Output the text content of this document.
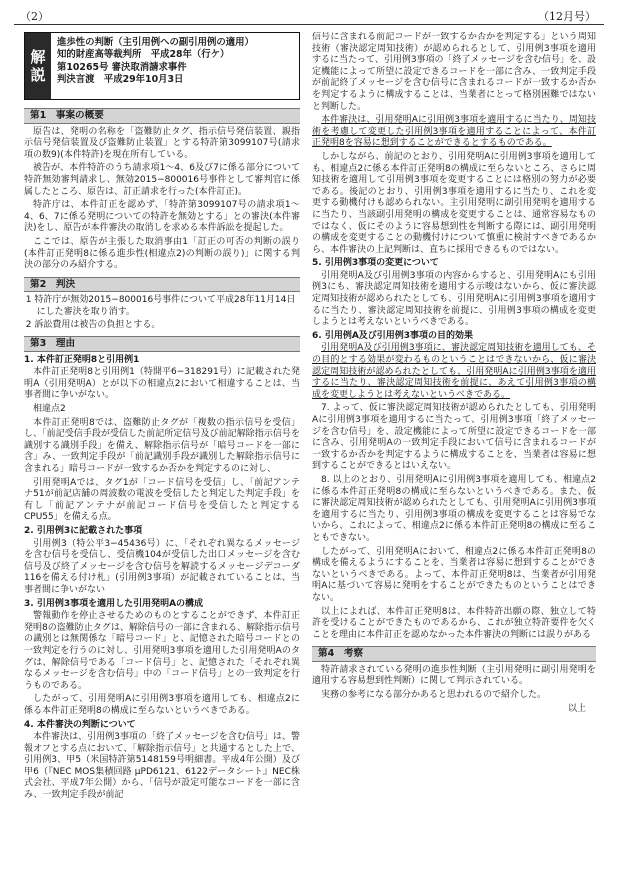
（2）	（12月号）
解
説
進歩性の判断（主引用例への副引用例の適用）
知的財産高等裁判所　平成28年（行ケ）
第10265号 審決取消請求事件
判決言渡　平成29年10月3日
第1　事案の概要

原告は、発明の名称を「盗難防止タグ、指示信号発信装置、親指示信号発信装置及び盗難防止装置」とする特許第3099107号(請求項の数9)(本件特許)を現在所有している。

被告が、本件特許のうち請求項1〜4、6及び7に係る部分について特許無効審判請求し、無効2015−800016号事件として審判官に係属したところ、原告は、訂正請求を行った(本件訂正)。

特許庁は、本件訂正を認めず、「特許第3099107号の請求項1〜4、6、7に係る発明についての特許を無効とする」との審決(本件審決)をし、原告が本件審決の取消しを求める本件訴訟を提起した。

ここでは、原告が主張した取消事由1「訂正の可否の判断の誤り(本件訂正発明8に係る進歩性(相違点2)の判断の誤り)」に関する判決の部分のみ紹介する。

第2　判決
1 特許庁が無効2015−800016号事件について平成28年11月14日にした審決を取り消す。
2 訴訟費用は被告の負担とする。
第3　理由
1. 本件訂正発明8と引用例1

本件訂正発明8と引用例1（特開平6−318291号）に記載された発明A（引用発明A）とが以下の相違点2において相違することは、当事者間に争いがない。

相違点2

本件訂正発明8では、盗難防止タグが「複数の指示信号を受信」し、「前記受信手段が受信した前記所定信号及び前記解除指示信号を識別する識別手段」を備え、解除指示信号が「暗号コードを一部に含」み、一致判定手段が「前記識別手段が識別した解除指示信号に含まれる」暗号コードが一致するか否かを判定するのに対し、

引用発明Aでは、タグ1が「コード信号を受信」し、「前記アンテナ51が前記店舗の周波数の電波を受信したと判定した判定手段」を有し「前記アンテナが前記コード信号を受信したと判定するCPU55」を備える点。

2. 引用例3に記載された事項

引用例3（特公平3−45436号）に、「それぞれ異なるメッセージを含む信号を受信し、受信機104が受信した出口メッセージを含む信号及び終了メッセージを含む信号を解読するメッセージデコーダ116を備える付け札」(引用例3事項）が記載されていることは、当事者間に争いがない

3. 引用例3事項を適用した引用発明Aの構成

警報動作を停止させるためのものとすることができず、本件訂正発明8の盗難防止タグは、解除信号の一部に含まれる、解除指示信号の識別とは無関係な「暗号コード」と、記憶された暗号コードとの一致判定を行うのに対し、引用発明3事項を適用した引用発明Aのタグは、解除信号である「コード信号」と、記憶された「それぞれ異なるメッセージを含む信号」中の「コード信号」との一致判定を行うものである。

したがって、引用発明Aに引用例3事項を適用しても、相違点2に係る本件訂正発明8の構成に至らないというべきである。

4. 本件審決の判断について

本件審決は、引用例3事項の「終了メッセージを含む信号」は、警報オフとする点において、「解除指示信号」と共通するとした上で、引用例3、甲5（米国特許第5148159号明細書。平成4年公開）及び甲6（『NEC MOS集積回路 μPD6121、6122データシート』NEC株式会社、平成7年公開）から、「信号が設定可能なコードを一部に含み、一致判定手段が前記

信号に含まれる前記コードが一致するか否かを判定する」という周知技術（審決認定周知技術）が認められるとして、引用例3事項を適用するに当たって、引用例3事項の「終了メッセージを含む信号」を、設定機能によって所望に設定できるコードを一部に含み、一致判定手段が前記終了メッセージを含む信号に含まれるコードが一致するか否かを判定するように構成することは、当業者にとって格別困難ではないと判断した。

本件審決は、引用発明Aに引用例3事項を適用するに当たり、周知技術を考慮して変更した引用例3事項を適用することによって、本件訂正発明8を容易に想到することができるとするものである。

しかしながら、前記のとおり、引用発明Aに引用例3事項を適用しても、相違点2に係る本件訂正発明8の構成に至らないところ、さらに周知技術を適用して引用例3事項を変更することには格別の努力が必要である。後記のとおり、引用例3事項を適用するに当たり、これを変更する動機付けも認められない。主引用発明に副引用発明を適用するに当たり、当該副引用発明の構成を変更することは、通常容易なものではなく、仮にそのように容易想到性を判断する際には、副引用発明の構成を変更することの動機付けについて慎重に検討すべきであるから、本件審決の上記判断は、直ちに採用できるものではない。

5. 引用例3事項の変更について

引用発明A及び引用例3事項の内容からすると、引用発明Aにも引用例3にも、審決認定周知技術を適用する示唆はないから、仮に審決認定周知技術が認められたとしても、引用発明Aに引用例3事項を適用するに当たり、審決認定周知技術を前提に、引用例3事項の構成を変更しようとは考えないというべきである。

6. 引用例A及び引用例3事項の目的効果

引用発明A及び引用例3事項に、審決認定周知技術を適用しても、その目的とする効果が変わるものということはできないから、仮に審決認定周知技術が認められたとしても、引用発明Aに引用例3事項を適用するに当たり、審決認定周知技術を前提に、あえて引用例3事項の構成を変更しようとは考えないというべきである。

7. よって、仮に審決認定周知技術が認められたとしても、引用発明Aに引用例3事項を適用するに当たって、引用例3事項「終了メッセージを含む信号」を、設定機能によって所望に設定できるコードを一部に含み、引用発明Aの一致判定手段において信号に含まれるコードが一致するか否かを判定するように構成することを、当業者は容易に想到することができるとはいえない。

8. 以上のとおり、引用発明Aに引用例3事項を適用しても、相違点2に係る本件訂正発明8の構成に至らないというべきである。また、仮に審決認定周知技術が認められたとしても、引用発明Aに引用例3事項を適用するに当たり、引用例3事項の構成を変更することは容易でないから、これによって、相違点2に係る本件訂正発明8の構成に至ることもできない。

したがって、引用発明Aにおいて、相違点2に係る本件訂正発明8の構成を備えるようにすることを、当業者は容易に想到することができないというべきである。よって、本件訂正発明8は、当業者が引用発明Aに基づいて容易に発明をすることができたものということはできない。

以上によれば、本件訂正発明8は、本件特許出願の際、独立して特許を受けることができたものであるから、これが独立特許要件を欠くことを理由に本件訂正を認めなかった本件審決の判断には誤りがある

第4　考察

特許請求されている発明の進歩性判断（主引用発明に副引用発明を適用する容易想到性判断）に関して判示されている。

実務の参考になる部分かあると思われるので紹介した。

以上
